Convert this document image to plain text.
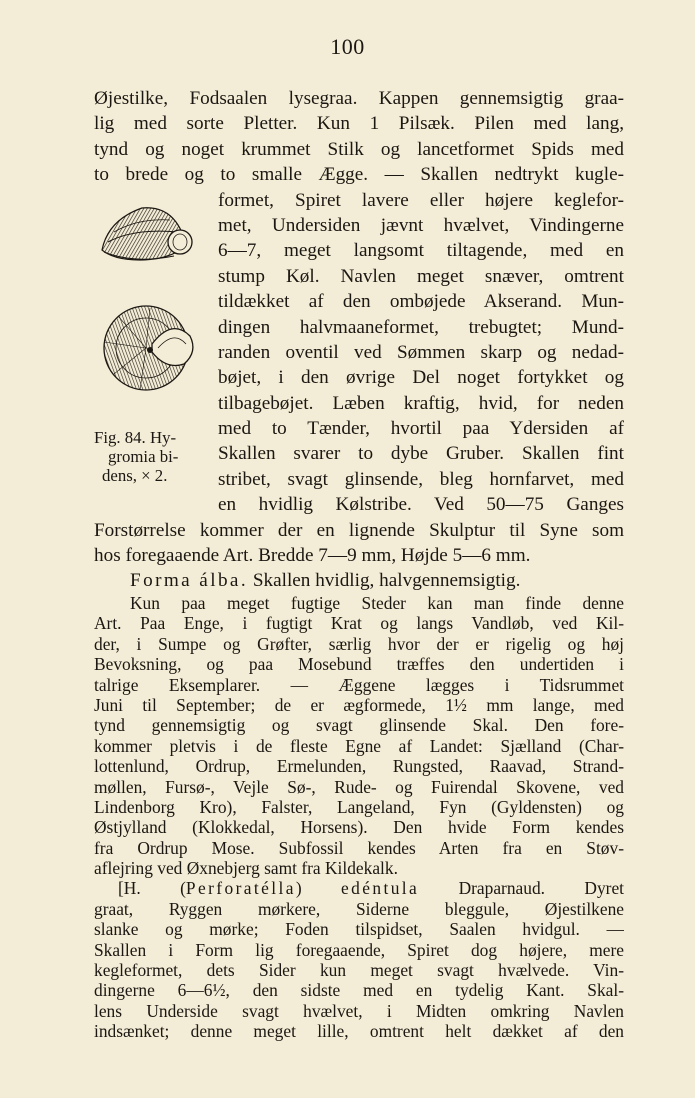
100
Fig. 84. Hy-
gromia bi-
dens, × 2.
Øjestilke, Fodsaalen lysegraa. Kappen gennemsigtig graa-
lig med sorte Pletter. Kun 1 Pilsæk. Pilen med lang,
tynd og noget krummet Stilk og lancetformet Spids med
to brede og to smalle Ægge. — Skallen nedtrykt kugle-
formet, Spiret lavere eller højere keglefor-
met, Undersiden jævnt hvælvet, Vindingerne
6—7, meget langsomt tiltagende, med en
stump Køl. Navlen meget snæver, omtrent
tildækket af den ombøjede Akserand. Mun-
dingen halvmaaneformet, trebugtet; Mund-
randen oventil ved Sømmen skarp og nedad-
bøjet, i den øvrige Del noget fortykket og
tilbagebøjet. Læben kraftig, hvid, for neden
med to Tænder, hvortil paa Ydersiden af
Skallen svarer to dybe Gruber. Skallen fint
stribet, svagt glinsende, bleg hornfarvet, med
en hvidlig Kølstribe. Ved 50—75 Ganges
Forstørrelse kommer der en lignende Skulptur til Syne som
hos foregaaende Art. Bredde 7—9 mm, Højde 5—6 mm.
Forma álba. Skallen hvidlig, halvgennemsigtig.
Kun paa meget fugtige Steder kan man finde denne
Art. Paa Enge, i fugtigt Krat og langs Vandløb, ved Kil-
der, i Sumpe og Grøfter, særlig hvor der er rigelig og høj
Bevoksning, og paa Mosebund træffes den undertiden i
talrige Eksemplarer. — Æggene lægges i Tidsrummet
Juni til September; de er ægformede, 1½ mm lange, med
tynd gennemsigtig og svagt glinsende Skal. Den fore-
kommer pletvis i de fleste Egne af Landet: Sjælland (Char-
lottenlund, Ordrup, Ermelunden, Rungsted, Raavad, Strand-
møllen, Fursø-, Vejle Sø-, Rude- og Fuirendal Skovene, ved
Lindenborg Kro), Falster, Langeland, Fyn (Gyldensten) og
Østjylland (Klokkedal, Horsens). Den hvide Form kendes
fra Ordrup Mose. Subfossil kendes Arten fra en Støv-
aflejring ved Øxnebjerg samt fra Kildekalk.
[H. (Perforatélla) edéntula Draparnaud. Dyret
graat, Ryggen mørkere, Siderne bleggule, Øjestilkene
slanke og mørke; Foden tilspidset, Saalen hvidgul. —
Skallen i Form lig foregaaende, Spiret dog højere, mere
kegleformet, dets Sider kun meget svagt hvælvede. Vin-
dingerne 6—6½, den sidste med en tydelig Kant. Skal-
lens Underside svagt hvælvet, i Midten omkring Navlen
indsænket; denne meget lille, omtrent helt dækket af den
